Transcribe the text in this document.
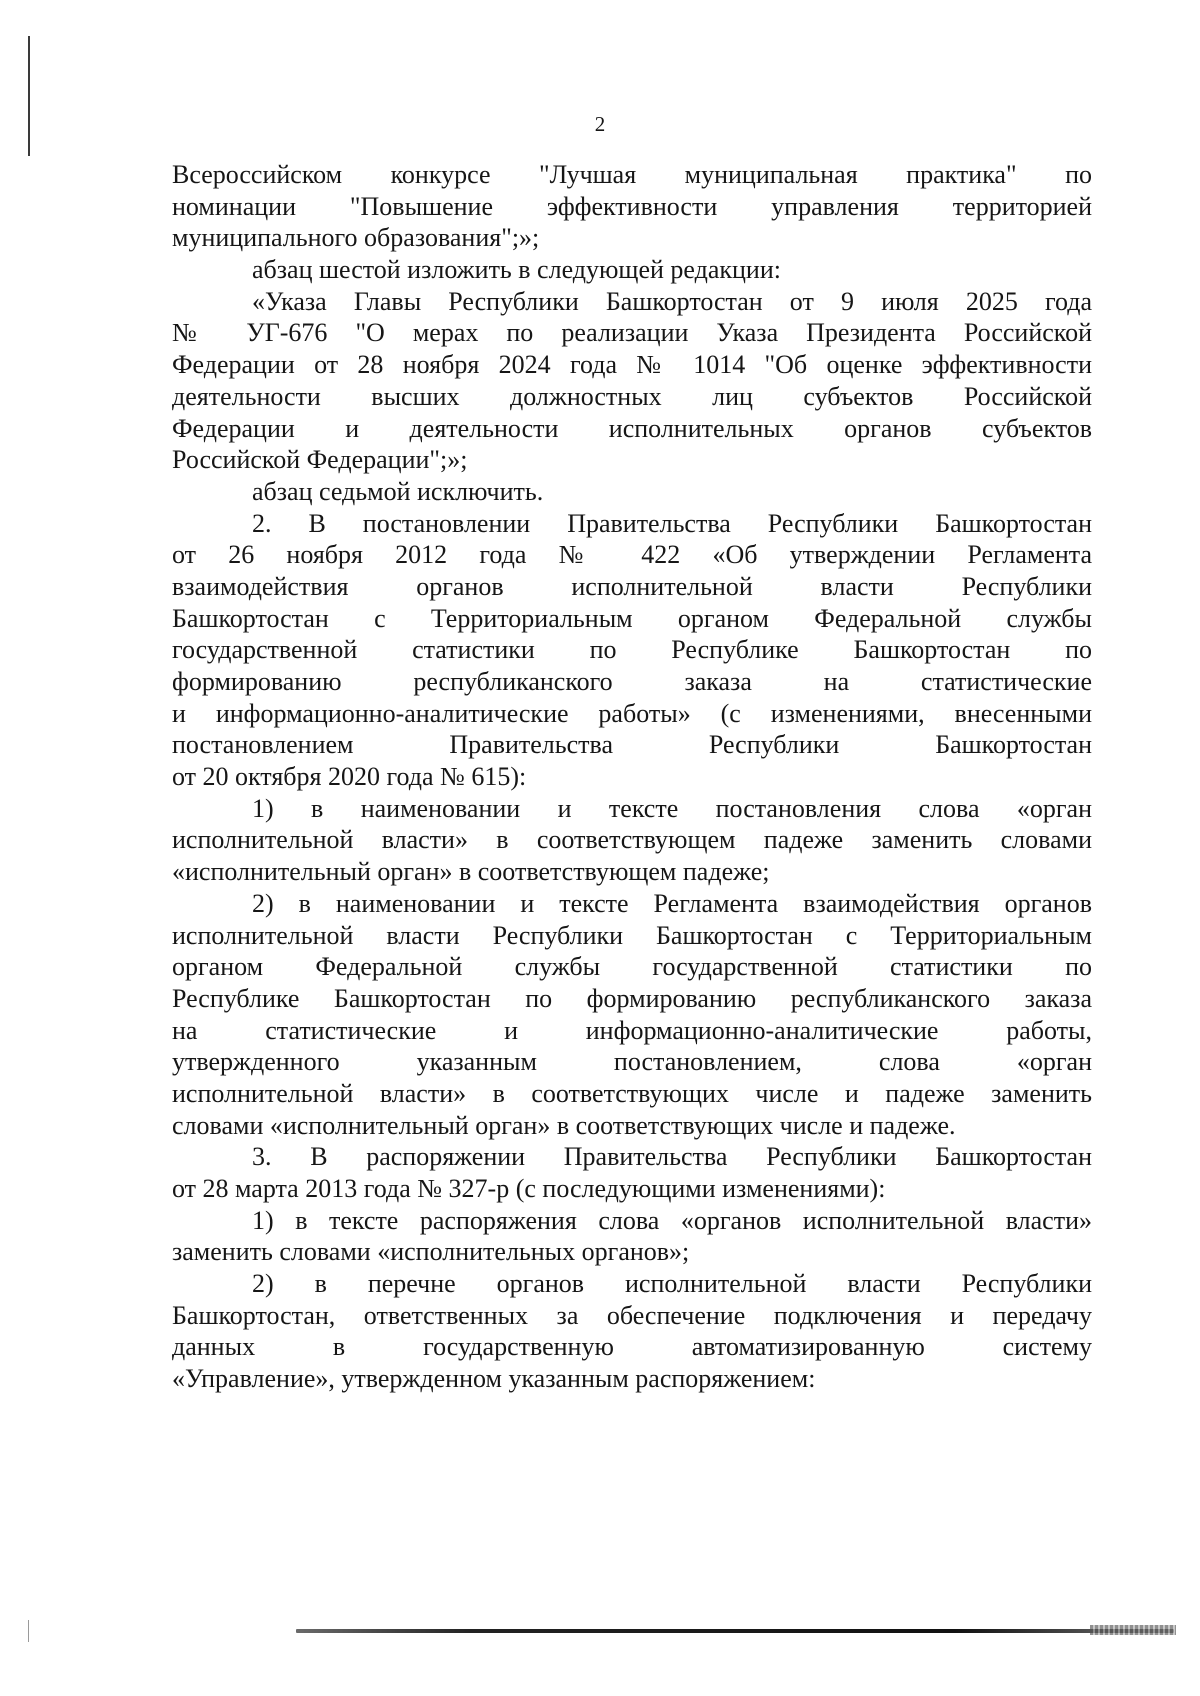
2
Всероссийском конкурсе "Лучшая муниципальная практика" по
номинации "Повышение эффективности управления территорией
муниципального образования";»;
абзац шестой изложить в следующей редакции:
«Указа Главы Республики Башкортостан от 9 июля 2025 года
№ УГ-676 "О мерах по реализации Указа Президента Российской
Федерации от 28 ноября 2024 года № 1014 "Об оценке эффективности
деятельности высших должностных лиц субъектов Российской
Федерации и деятельности исполнительных органов субъектов
Российской Федерации";»;
абзац седьмой исключить.
2. В постановлении Правительства Республики Башкортостан
от 26 ноября 2012 года № 422 «Об утверждении Регламента
взаимодействия органов исполнительной власти Республики
Башкортостан с Территориальным органом Федеральной службы
государственной статистики по Республике Башкортостан по
формированию республиканского заказа на статистические
и информационно-аналитические работы» (с изменениями, внесенными
постановлением Правительства Республики Башкортостан
от 20 октября 2020 года № 615):
1) в наименовании и тексте постановления слова «орган
исполнительной власти» в соответствующем падеже заменить словами
«исполнительный орган» в соответствующем падеже;
2) в наименовании и тексте Регламента взаимодействия органов
исполнительной власти Республики Башкортостан с Территориальным
органом Федеральной службы государственной статистики по
Республике Башкортостан по формированию республиканского заказа
на статистические и информационно-аналитические работы,
утвержденного указанным постановлением, слова «орган
исполнительной власти» в соответствующих числе и падеже заменить
словами «исполнительный орган» в соответствующих числе и падеже.
3. В распоряжении Правительства Республики Башкортостан
от 28 марта 2013 года № 327-р (с последующими изменениями):
1) в тексте распоряжения слова «органов исполнительной власти»
заменить словами «исполнительных органов»;
2) в перечне органов исполнительной власти Республики
Башкортостан, ответственных за обеспечение подключения и передачу
данных в государственную автоматизированную систему
«Управление», утвержденном указанным распоряжением:
